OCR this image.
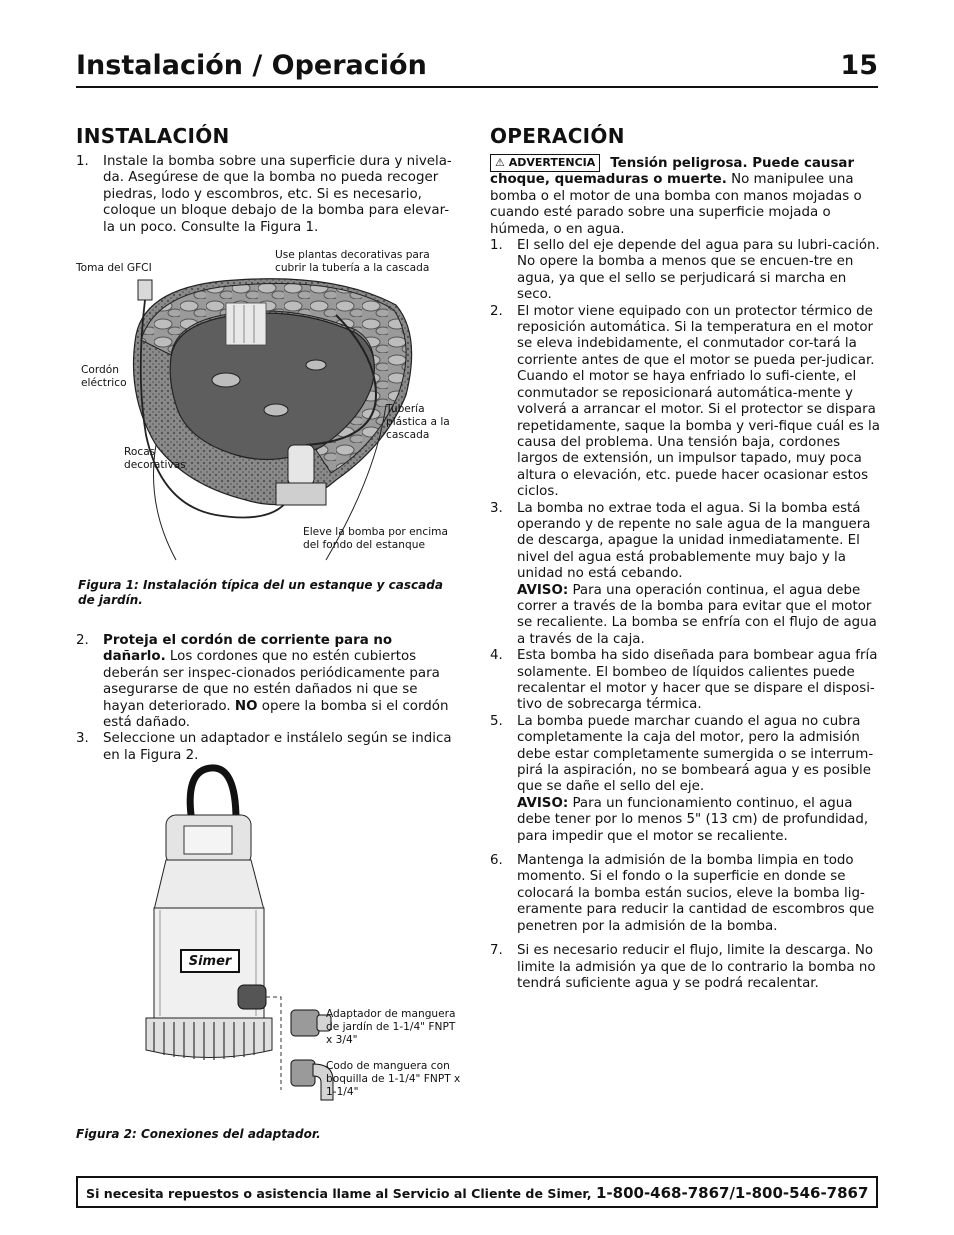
Instalación / Operación	15
INSTALACIÓN
1.	Instale la bomba sobre una superficie dura y nivela-da. Asegúrese de que la bomba no pueda recoger piedras, lodo y escombros, etc. Si es necesario, coloque un bloque debajo de la bomba para elevar-la un poco. Consulte la Figura 1.
Toma del GFCI
Use plantas decorativas para cubrir la tubería a la cascada
Cordón eléctrico
Tubería plástica a la cascada
Rocas decorativas
Eleve la bomba por encima del fondo del estanque
Figura 1: Instalación típica del un estanque y cascada de jardín.
2.	Proteja el cordón de corriente para no dañarlo. Los cordones que no estén cubiertos deberán ser inspec-cionados periódicamente para asegurarse de que no estén dañados ni que se hayan deteriorado. NO opere la bomba si el cordón está dañado.
3.	Seleccione un adaptador e instálelo según se indica en la Figura 2.
Simer
Adaptador de manguera de jardín de 1-1/4" FNPT x 3/4"
Codo de manguera con boquilla de 1-1/4" FNPT x 1-1/4"
Figura 2: Conexiones del adaptador.
OPERACIÓN
⚠ ADVERTENCIA Tensión peligrosa. Puede causar choque, quemaduras o muerte. No manipulee una bomba o el motor de una bomba con manos mojadas o cuando esté parado sobre una superficie mojada o húmeda, o en agua.
1.	El sello del eje depende del agua para su lubri-cación. No opere la bomba a menos que se encuen-tre en agua, ya que el sello se perjudicará si marcha en seco.
2.	El motor viene equipado con un protector térmico de reposición automática. Si la temperatura en el motor se eleva indebidamente, el conmutador cor-tará la corriente antes de que el motor se pueda per-judicar. Cuando el motor se haya enfriado lo sufi-ciente, el conmutador se reposicionará automática-mente y volverá a arrancar el motor. Si el protector se dispara repetidamente, saque la bomba y veri-fique cuál es la causa del problema. Una tensión baja, cordones largos de extensión, un impulsor tapado, muy poca altura o elevación, etc. puede hacer ocasionar estos ciclos.
3.	La bomba no extrae toda el agua. Si la bomba está operando y de repente no sale agua de la manguera de descarga, apague la unidad inmediatamente. El nivel del agua está probablemente muy bajo y la unidad no está cebando.
AVISO: Para una operación continua, el agua debe correr a través de la bomba para evitar que el motor se recaliente. La bomba se enfría con el flujo de agua a través de la caja.
4.	Esta bomba ha sido diseñada para bombear agua fría solamente. El bombeo de líquidos calientes puede recalentar el motor y hacer que se dispare el disposi-tivo de sobrecarga térmica.
5.	La bomba puede marchar cuando el agua no cubra completamente la caja del motor, pero la admisión debe estar completamente sumergida o se interrum-pirá la aspiración, no se bombeará agua y es posible que se dañe el sello del eje.
AVISO: Para un funcionamiento continuo, el agua debe tener por lo menos 5" (13 cm) de profundidad, para impedir que el motor se recaliente.
6.	Mantenga la admisión de la bomba limpia en todo momento. Si el fondo o la superficie en donde se colocará la bomba están sucios, eleve la bomba lig-eramente para reducir la cantidad de escombros que penetren por la admisión de la bomba.
7.	Si es necesario reducir el flujo, limite la descarga. No limite la admisión ya que de lo contrario la bomba no tendrá suficiente agua y se podrá recalentar.
Si necesita repuestos o asistencia llame al Servicio al Cliente de Simer, 1-800-468-7867/1-800-546-7867
